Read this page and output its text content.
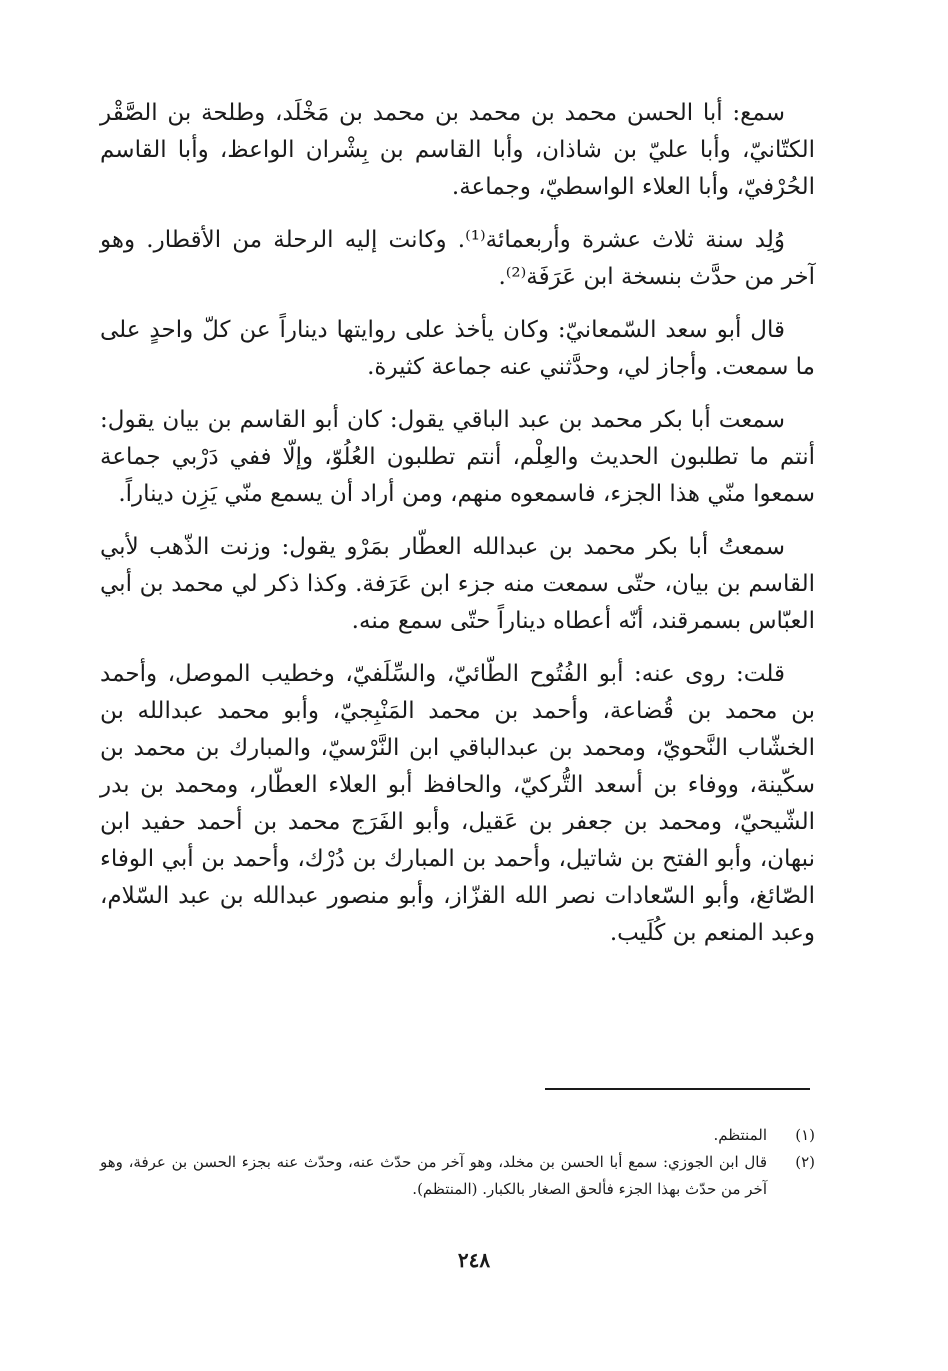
سمع: أبا الحسن محمد بن محمد بن محمد بن مَخْلَد، وطلحة بن الصَّقْر الكتّانيّ، وأبا عليّ بن شاذان، وأبا القاسم بن بِشْران الواعظ، وأبا القاسم الحُرْفيّ، وأبا العلاء الواسطيّ، وجماعة.

وُلِد سنة ثلاث عشرة وأربعمائة⁽¹⁾. وكانت إليه الرحلة من الأقطار. وهو آخر من حدَّث بنسخة ابن عَرَفَة⁽²⁾.

قال أبو سعد السّمعانيّ: وكان يأخذ على روايتها ديناراً عن كلّ واحدٍ على ما سمعت. وأجاز لي، وحدَّثني عنه جماعة كثيرة.

سمعت أبا بكر محمد بن عبد الباقي يقول: كان أبو القاسم بن بيان يقول: أنتم ما تطلبون الحديث والعِلْم، أنتم تطلبون العُلُوّ، وإلّا ففي دَرْبي جماعة سمعوا منّي هذا الجزء، فاسمعوه منهم، ومن أراد أن يسمع منّي يَزِن ديناراً.

سمعتُ أبا بكر محمد بن عبدالله العطّار بمَرْو يقول: وزنت الذّهب لأبي القاسم بن بيان، حتّى سمعت منه جزء ابن عَرَفة. وكذا ذكر لي محمد بن أبي العبّاس بسمرقند، أنّه أعطاه ديناراً حتّى سمع منه.

قلت: روى عنه: أبو الفُتُوح الطّائيّ، والسِّلَفيّ، وخطيب الموصل، وأحمد بن محمد بن قُضاعة، وأحمد بن محمد المَنْبِجيّ، وأبو محمد عبدالله بن الخشّاب النَّحويّ، ومحمد بن عبدالباقي ابن النَّرْسيّ، والمبارك بن محمد بن سكّينة، ووفاء بن أسعد التُّركيّ، والحافظ أبو العلاء العطّار، ومحمد بن بدر الشّيحيّ، ومحمد بن جعفر بن عَقيل، وأبو الفَرَج محمد بن أحمد حفيد ابن نبهان، وأبو الفتح بن شاتيل، وأحمد بن المبارك بن دُرْك، وأحمد بن أبي الوفاء الصّائغ، وأبو السّعادات نصر الله القزّاز، وأبو منصور عبدالله بن عبد السّلام، وعبد المنعم بن كُلَيب.

(١)
المنتظم.
(٢)
قال ابن الجوزي: سمع أبا الحسن بن مخلد، وهو آخر من حدّث عنه، وحدّث عنه بجزء الحسن بن عرفة، وهو آخر من حدّث بهذا الجزء فألحق الصغار بالكبار. (المنتظم).
٢٤٨
